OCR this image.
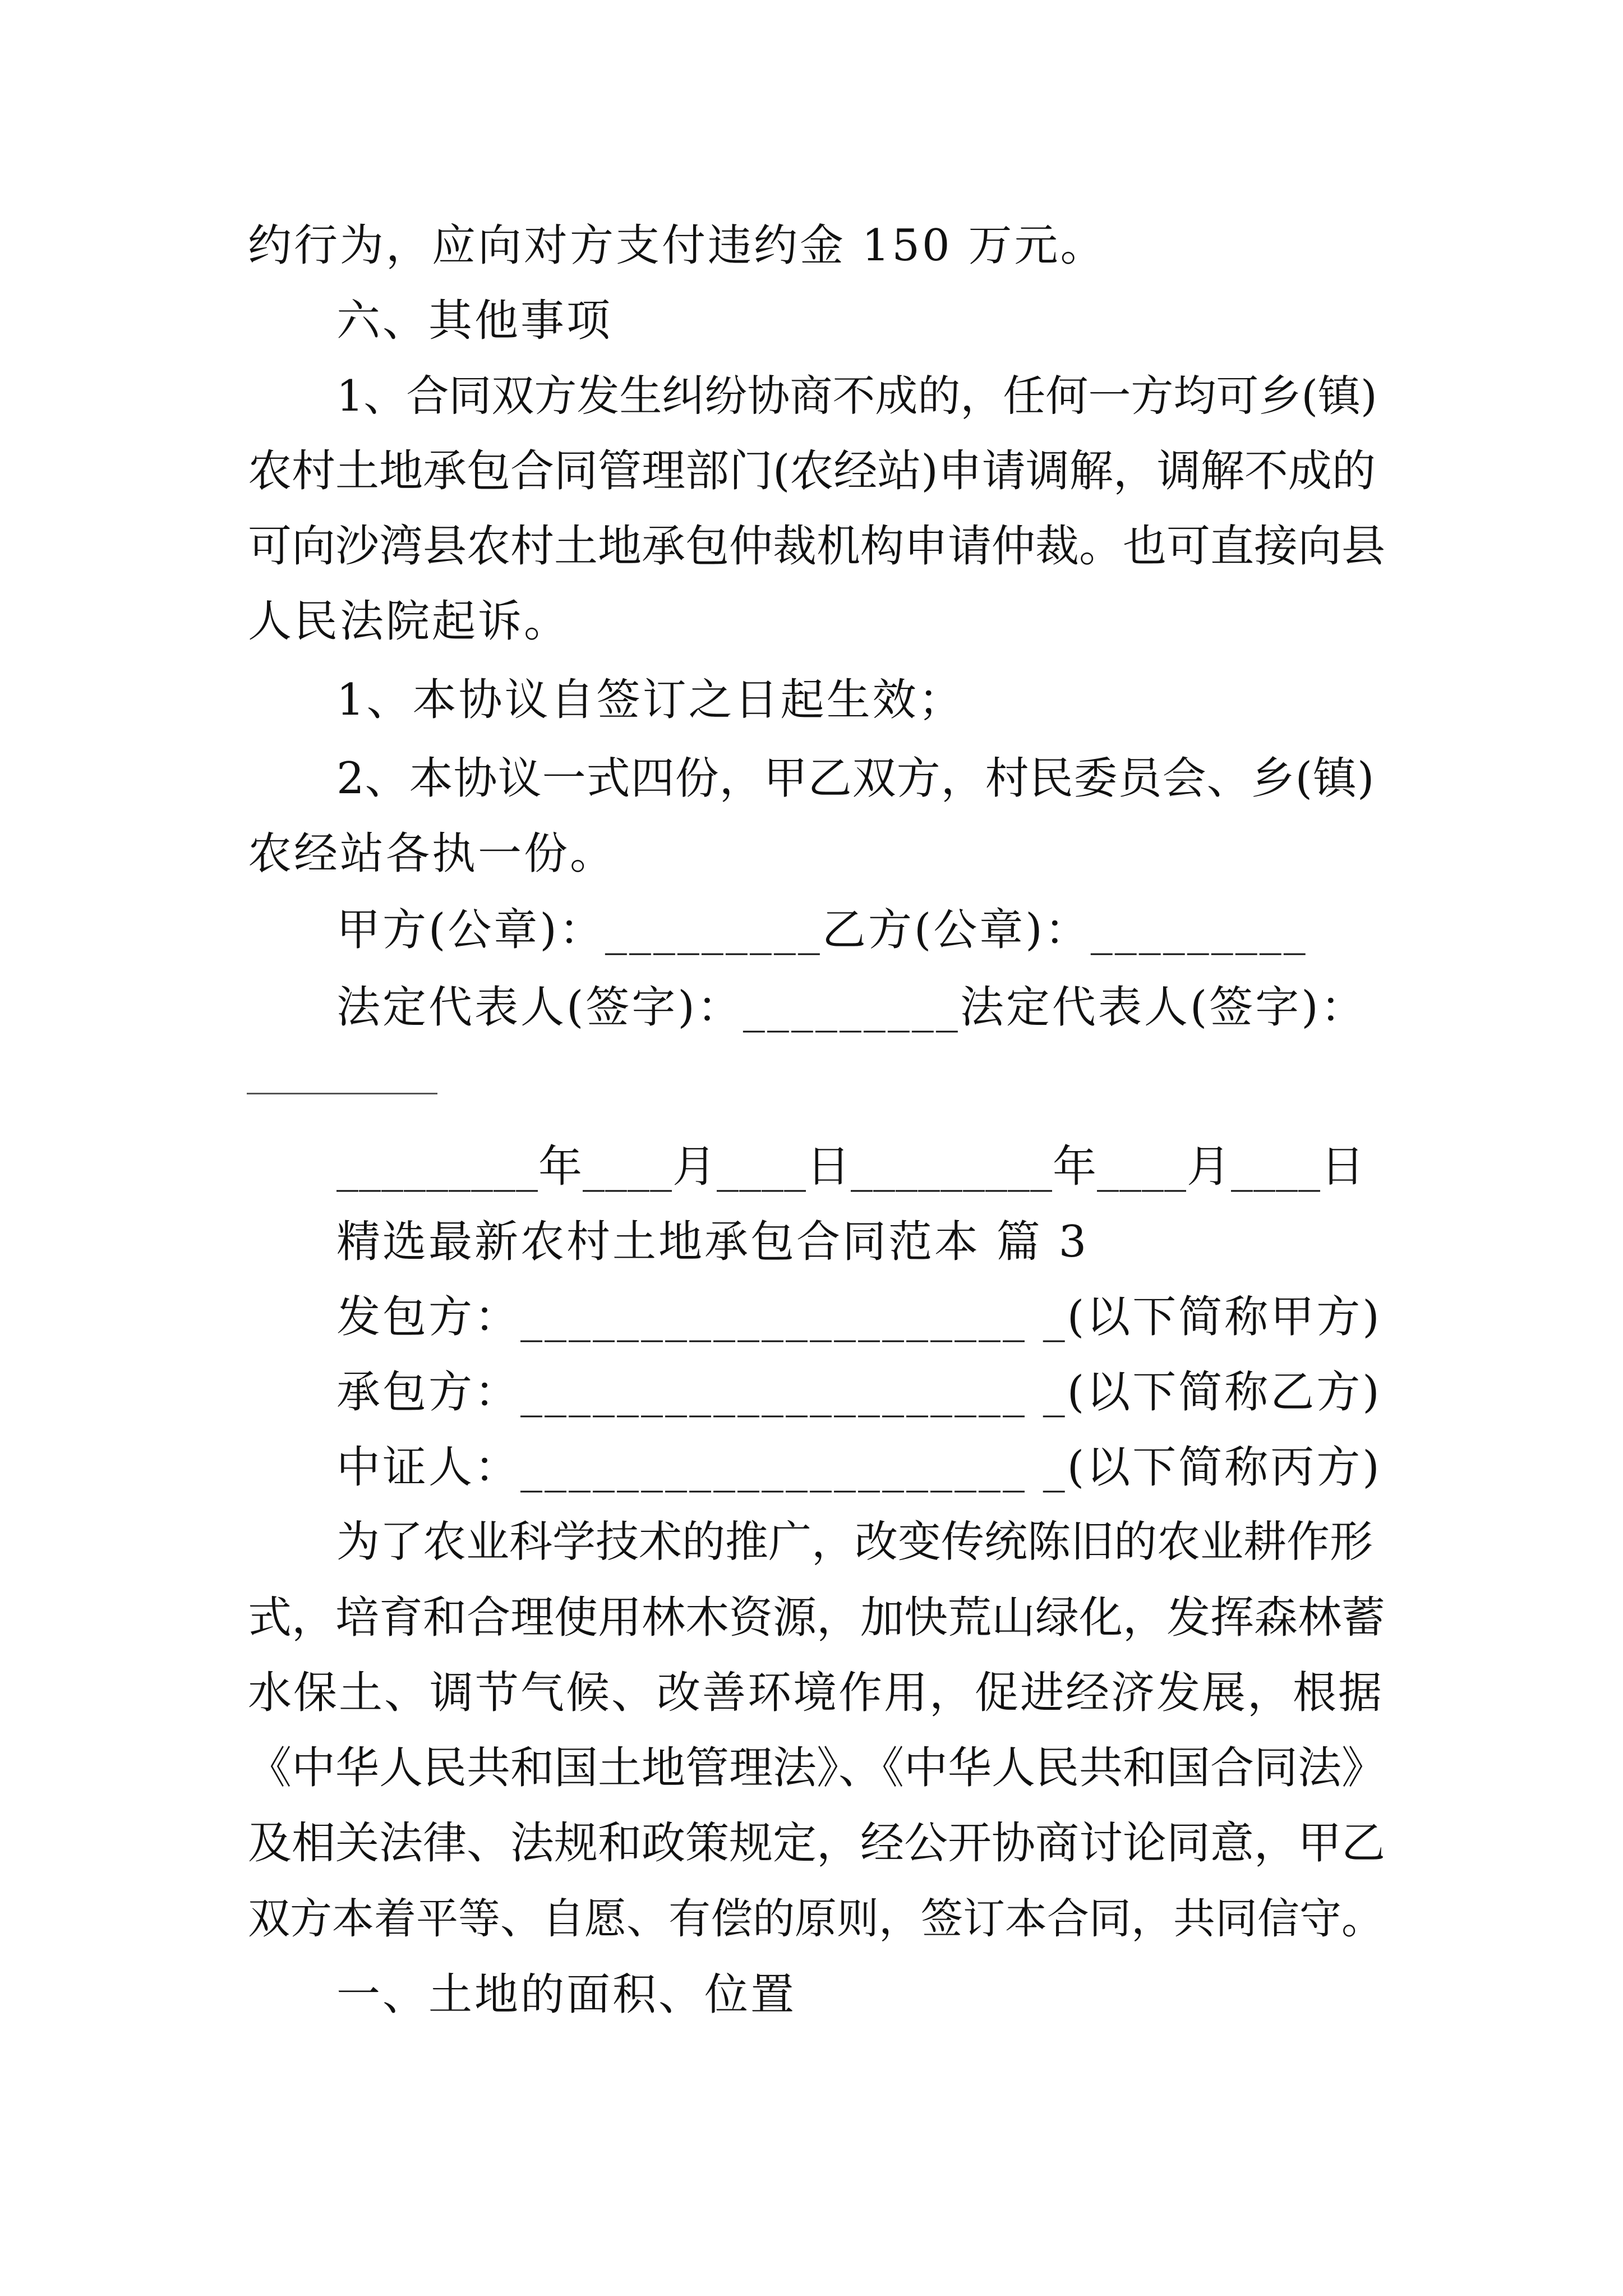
约行为，应向对方支付违约金 150 万元。

六、其他事项

1、合同双方发生纠纷协商不成的，任何一方均可乡(镇)

农村土地承包合同管理部门(农经站)申请调解，调解不成的

可向沙湾县农村土地承包仲裁机构申请仲裁。也可直接向县

人民法院起诉。

1、本协议自签订之日起生效；

2、本协议一式四份，甲乙双方，村民委员会、乡(镇)

农经站各执一份。

甲方(公章)：_________乙方(公章)：_________

法定代表人(签字)：_________法定代表人(签字)：

_________年____月____日_________年____月____日

精选最新农村土地承包合同范本 篇 3

发包方：_____________________ _(以下简称甲方)

承包方：_____________________ _(以下简称乙方)

中证人：_____________________ _(以下简称丙方)

为了农业科学技术的推广，改变传统陈旧的农业耕作形

式，培育和合理使用林木资源，加快荒山绿化，发挥森林蓄

水保土、调节气候、改善环境作用，促进经济发展，根据

《中华人民共和国土地管理法》、《中华人民共和国合同法》

及相关法律、法规和政策规定，经公开协商讨论同意，甲乙

双方本着平等、自愿、有偿的原则，签订本合同，共同信守。

一、土地的面积、位置
